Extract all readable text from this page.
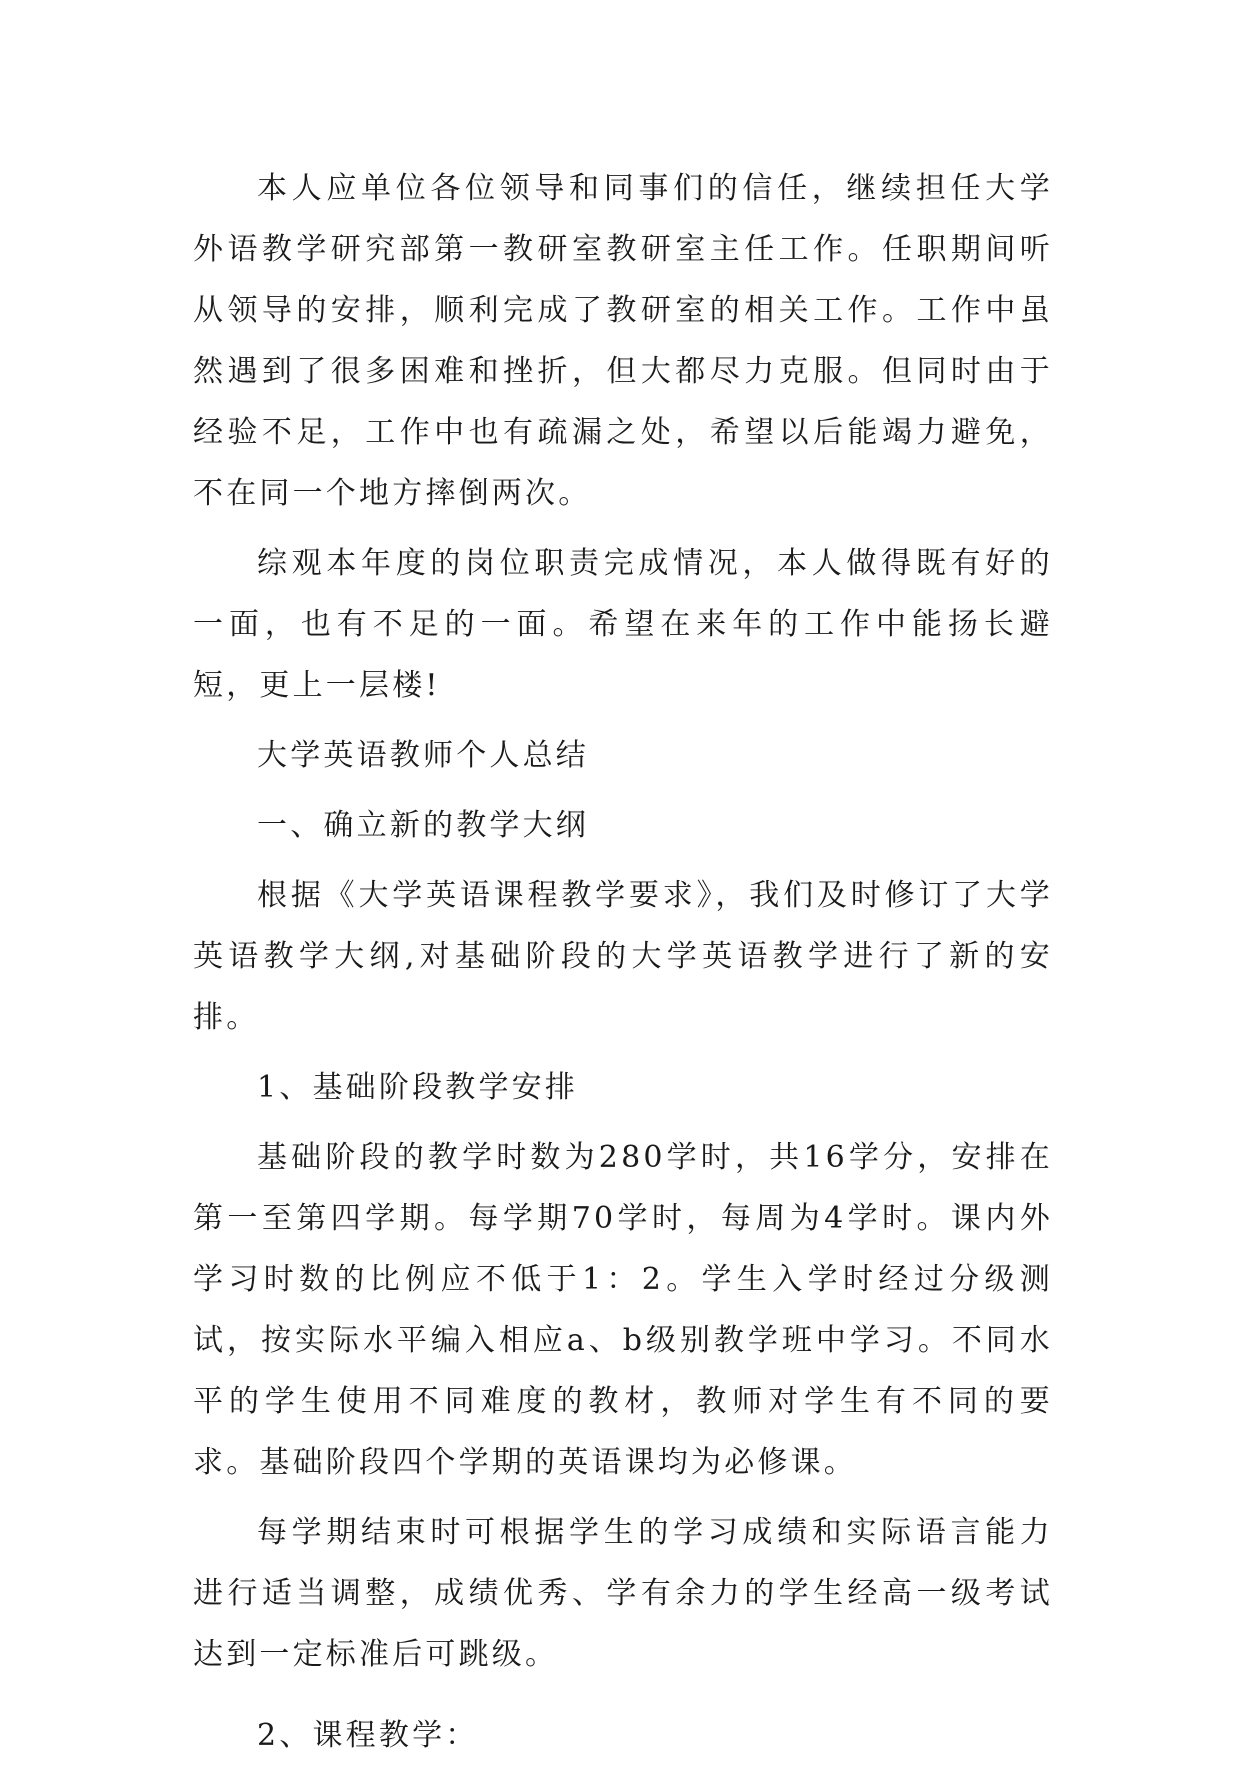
本人应单位各位领导和同事们的信任，继续担任大学外语教学研究部第一教研室教研室主任工作。任职期间听从领导的安排，顺利完成了教研室的相关工作。工作中虽然遇到了很多困难和挫折，但大都尽力克服。但同时由于经验不足，工作中也有疏漏之处，希望以后能竭力避免，不在同一个地方摔倒两次。

综观本年度的岗位职责完成情况，本人做得既有好的一面，也有不足的一面。希望在来年的工作中能扬长避短，更上一层楼!

大学英语教师个人总结

一、确立新的教学大纲

根据《大学英语课程教学要求》，我们及时修订了大学英语教学大纲,对基础阶段的大学英语教学进行了新的安排。

1、基础阶段教学安排

基础阶段的教学时数为280学时，共16学分，安排在第一至第四学期。每学期70学时，每周为4学时。课内外学习时数的比例应不低于1：2。学生入学时经过分级测试，按实际水平编入相应a、b级别教学班中学习。不同水平的学生使用不同难度的教材，教师对学生有不同的要求。基础阶段四个学期的英语课均为必修课。

每学期结束时可根据学生的学习成绩和实际语言能力进行适当调整，成绩优秀、学有余力的学生经高一级考试达到一定标准后可跳级。

2、课程教学：
